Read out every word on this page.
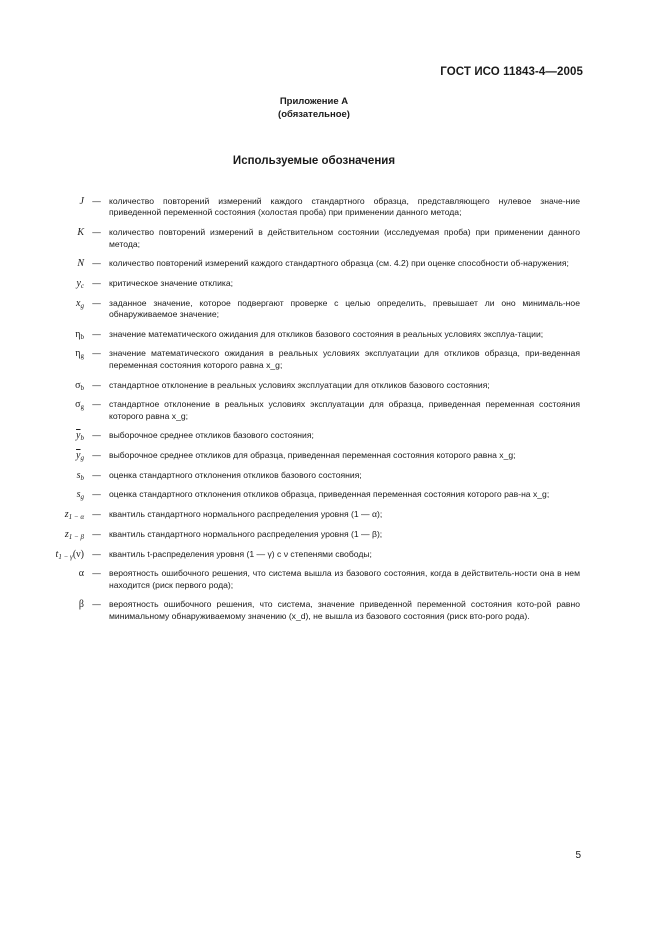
ГОСТ ИСО 11843-4—2005
Приложение А
(обязательное)
Используемые обозначения
J — количество повторений измерений каждого стандартного образца, представляющего нулевое значе-ние приведенной переменной состояния (холостая проба) при применении данного метода;
K — количество повторений измерений в действительном состоянии (исследуемая проба) при применении данного метода;
N — количество повторений измерений каждого стандартного образца (см. 4.2) при оценке способности об-наружения;
$y_c$ — критическое значение отклика;
$x_g$ — заданное значение, которое подвергают проверке с целью определить, превышает ли оно минималь-ное обнаруживаемое значение;
$\eta_b$ — значение математического ожидания для откликов базового состояния в реальных условиях эксплуа-тации;
$\eta_g$ — значение математического ожидания в реальных условиях эксплуатации для откликов образца, при-веденная переменная состояния которого равна x_g;
$\sigma_b$ — стандартное отклонение в реальных условиях эксплуатации для откликов базового состояния;
$\sigma_g$ — стандартное отклонение в реальных условиях эксплуатации для образца, приведенная переменная состояния которого равна x_g;
$\overline{y}_b$ — выборочное среднее откликов базового состояния;
$\overline{y}_g$ — выборочное среднее откликов для образца, приведенная переменная состояния которого равна x_g;
$s_b$ — оценка стандартного отклонения откликов базового состояния;
$s_g$ — оценка стандартного отклонения откликов образца, приведенная переменная состояния которого рав-на x_g;
$z_{1 - \alpha}$ — квантиль стандартного нормального распределения уровня (1 — α);
$z_{1 - \beta}$ — квантиль стандартного нормального распределения уровня (1 — β);
$t_{1 - \gamma}(\nu)$ — квантиль t-распределения уровня (1 — γ) с ν степенями свободы;
α — вероятность ошибочного решения, что система вышла из базового состояния, когда в действитель-ности она в нем находится (риск первого рода);
β — вероятность ошибочного решения, что система, значение приведенной переменной состояния кото-рой равно минимальному обнаруживаемому значению (x_d), не вышла из базового состояния (риск вто-рого рода).
5
